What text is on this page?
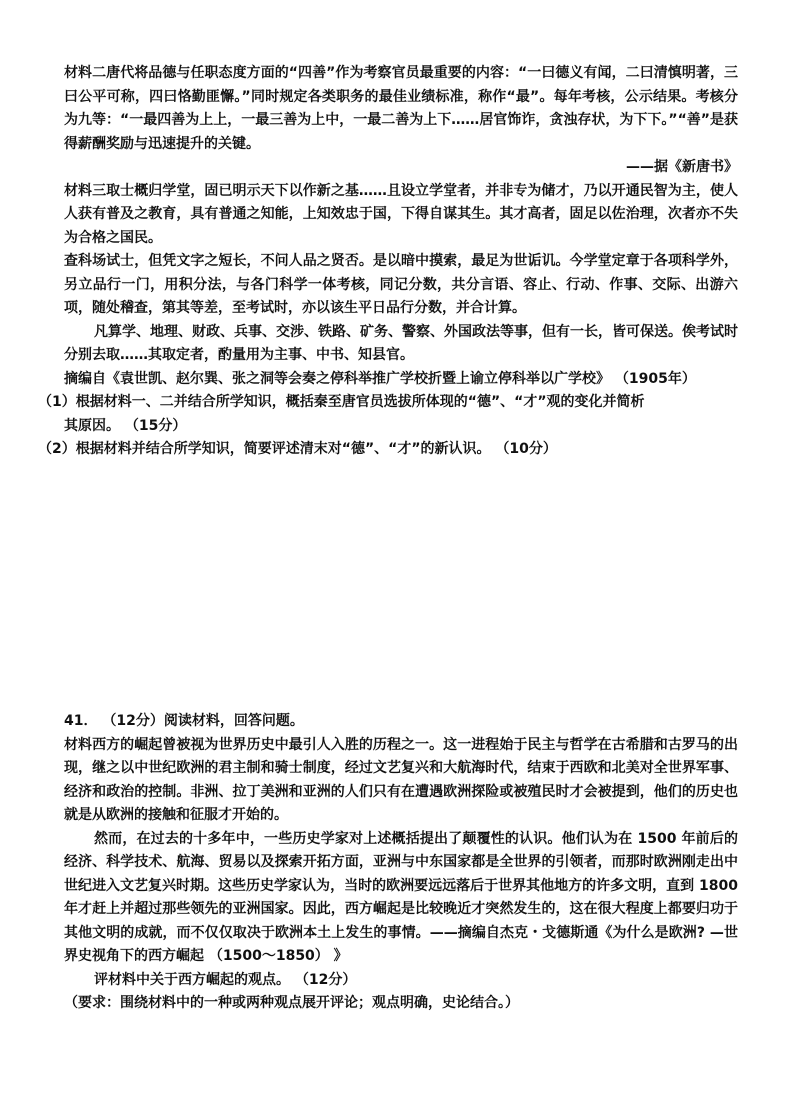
材料二唐代将品德与任职态度方面的“四善”作为考察官员最重要的内容：“一曰德义有闻，二曰清慎明著，三曰公平可称，四曰恪勤匪懈。”同时规定各类职务的最佳业绩标准，称作“最”。每年考核，公示结果。考核分为九等：“一最四善为上上，一最三善为上中，一最二善为上下……居官饰诈，贪浊存状，为下下。”“善”是获得薪酬奖励与迅速提升的关键。

——据《新唐书》

材料三取士概归学堂，固已明示天下以作新之基……且设立学堂者，并非专为储才，乃以开通民智为主，使人人获有普及之教育，具有普通之知能，上知效忠于国，下得自谋其生。其才高者，固足以佐治理，次者亦不失为合格之国民。

查科场试士，但凭文字之短长，不问人品之贤否。是以暗中摸索，最足为世诟讥。今学堂定章于各项科学外，另立品行一门，用积分法，与各门科学一体考核，同记分数，共分言语、容止、行动、作事、交际、出游六项，随处稽查，第其等差，至考试时，亦以该生平日品行分数，并合计算。

凡算学、地理、财政、兵事、交涉、铁路、矿务、警察、外国政法等事，但有一长，皆可保送。俟考试时分别去取……其取定者，酌量用为主事、中书、知县官。

摘编自《袁世凯、赵尔巽、张之洞等会奏之停科举推广学校折暨上谕立停科举以广学校》 （1905年）

（1）根据材料一、二并结合所学知识，概括秦至唐官员选拔所体现的“德”、“才”观的变化并简析

其原因。 （15分）

（2）根据材料并结合所学知识，简要评述清末对“德”、“才”的新认识。 （10分）

41． （12分）阅读材料，回答问题。

材料西方的崛起曾被视为世界历史中最引人入胜的历程之一。这一进程始于民主与哲学在古希腊和古罗马的出现，继之以中世纪欧洲的君主制和骑士制度，经过文艺复兴和大航海时代，结束于西欧和北美对全世界军事、经济和政治的控制。非洲、拉丁美洲和亚洲的人们只有在遭遇欧洲探险或被殖民时才会被提到，他们的历史也就是从欧洲的接触和征服才开始的。

然而，在过去的十多年中，一些历史学家对上述概括提出了颠覆性的认识。他们认为在 1500 年前后的经济、科学技术、航海、贸易以及探索开拓方面，亚洲与中东国家都是全世界的引领者，而那时欧洲刚走出中世纪进入文艺复兴时期。这些历史学家认为，当时的欧洲要远远落后于世界其他地方的许多文明，直到 1800 年才赶上并超过那些领先的亚洲国家。因此，西方崛起是比较晚近才突然发生的，这在很大程度上都要归功于其他文明的成就，而不仅仅取决于欧洲本土上发生的事情。——摘编自杰克・戈德斯通《为什么是欧洲? —世界史视角下的西方崛起 （1500～1850） 》

评材料中关于西方崛起的观点。 （12分）

（要求：围绕材料中的一种或两种观点展开评论；观点明确，史论结合。）
